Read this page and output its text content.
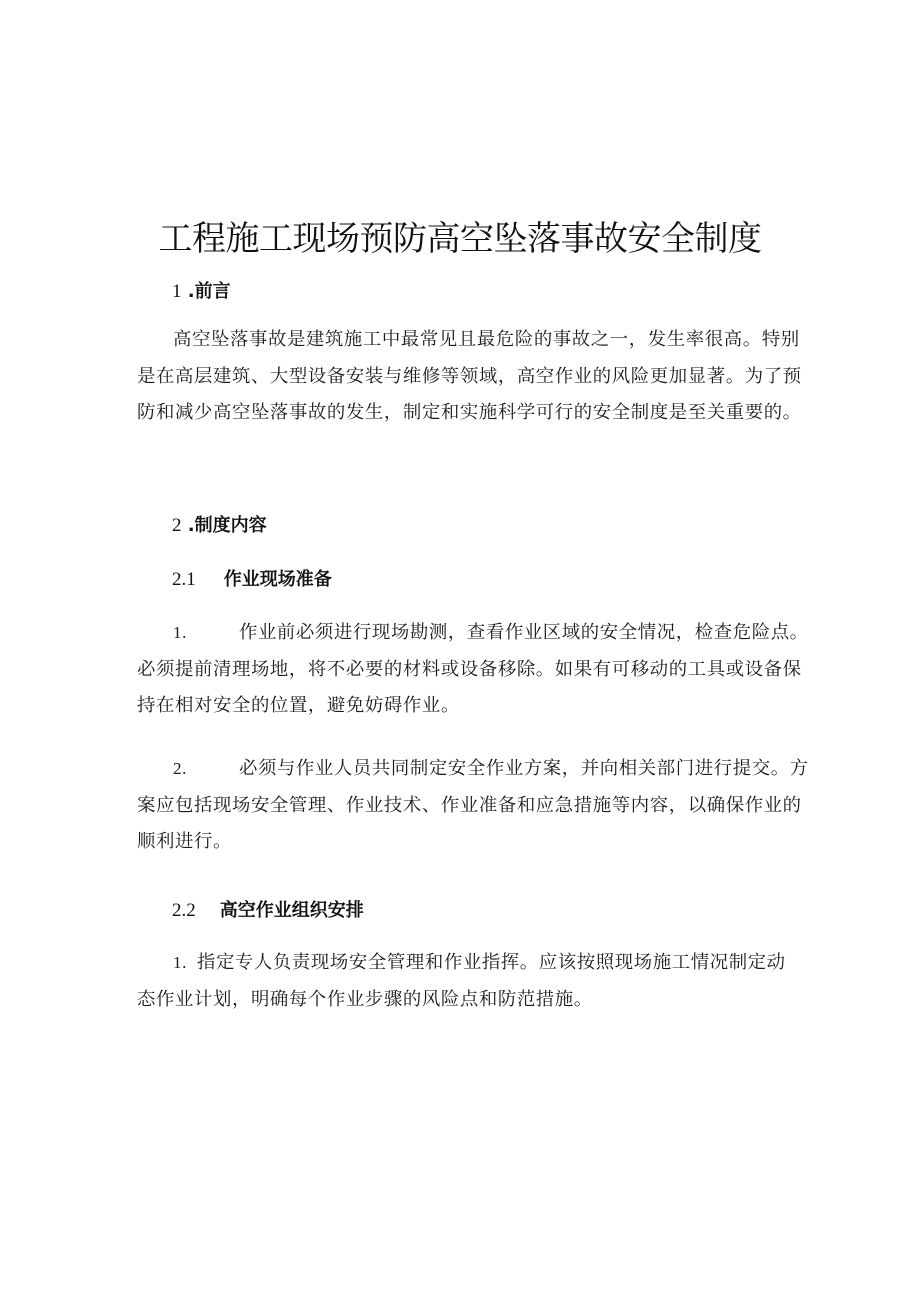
工程施工现场预防高空坠落事故安全制度
1 .前言

高空坠落事故是建筑施工中最常见且最危险的事故之一，发生率很高。特别是在高层建筑、大型设备安装与维修等领域，高空作业的风险更加显著。为了预防和减少高空坠落事故的发生，制定和实施科学可行的安全制度是至关重要的。

2 .制度内容
2.1 作业现场准备

1.	作业前必须进行现场勘测，查看作业区域的安全情况，检查危险点。必须提前清理场地，将不必要的材料或设备移除。如果有可移动的工具或设备保持在相对安全的位置，避免妨碍作业。

2.	必须与作业人员共同制定安全作业方案，并向相关部门进行提交。方案应包括现场安全管理、作业技术、作业准备和应急措施等内容，以确保作业的顺利进行。

2.2 高空作业组织安排

1. 指定专人负责现场安全管理和作业指挥。应该按照现场施工情况制定动态作业计划，明确每个作业步骤的风险点和防范措施。
